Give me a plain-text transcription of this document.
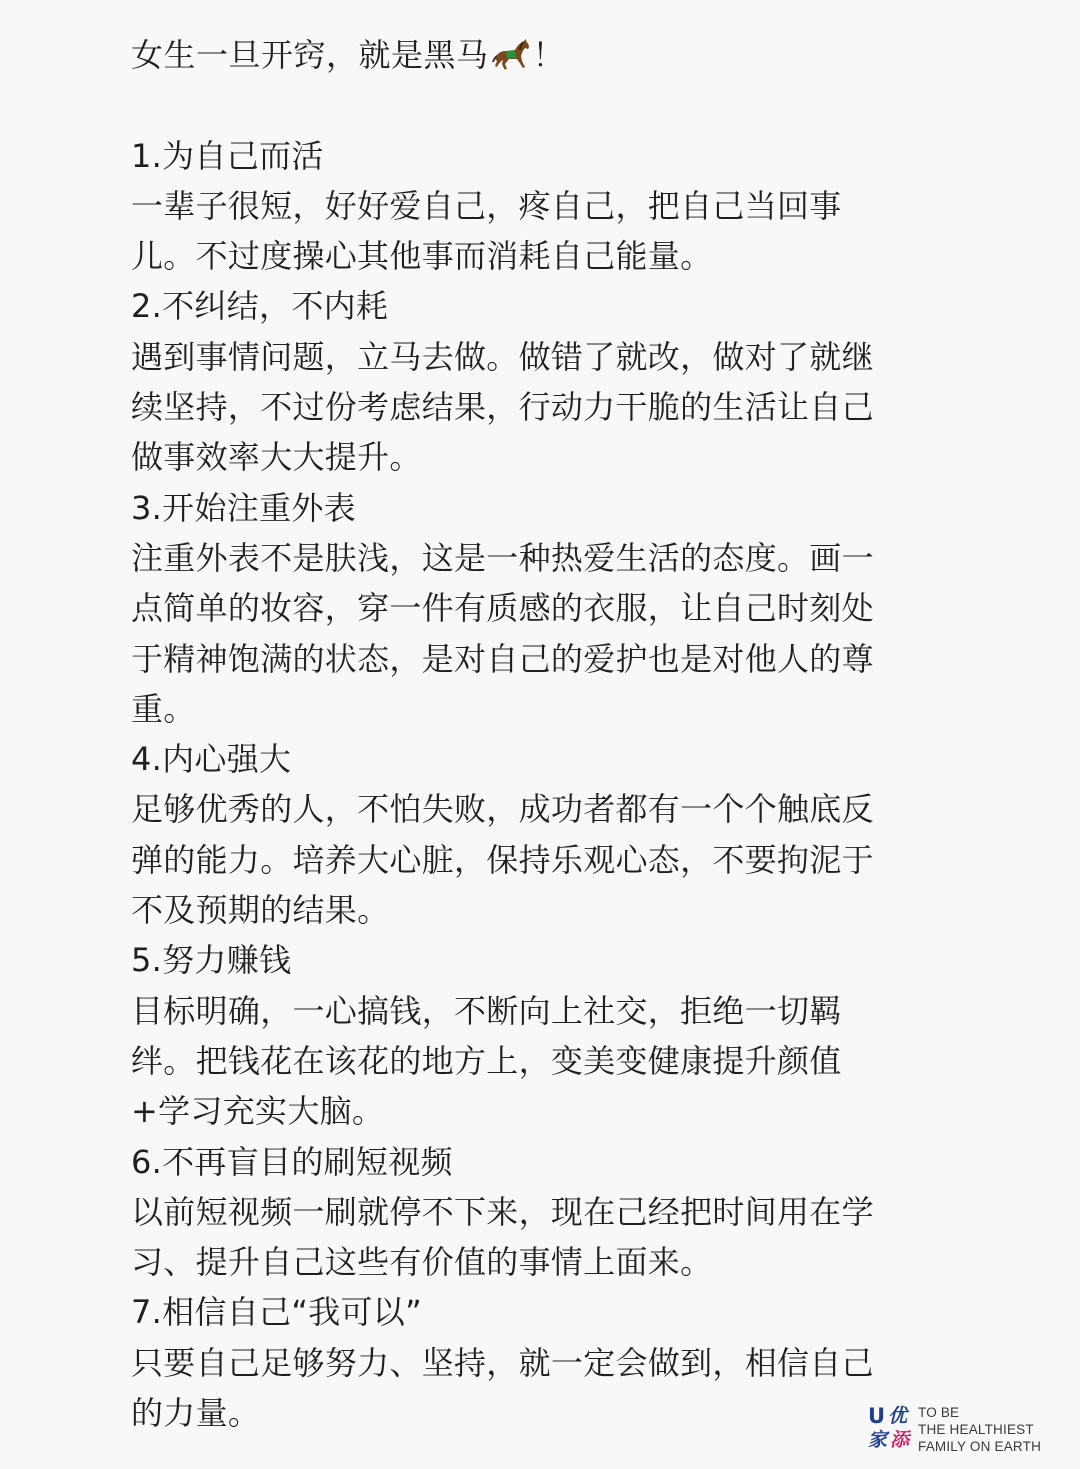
女生一旦开窍，就是黑马 ！
1.为自己而活
一辈子很短，好好爱自己，疼自己，把自己当回事
儿。不过度操心其他事而消耗自己能量。
2.不纠结，不内耗
遇到事情问题，立马去做。做错了就改，做对了就继
续坚持，不过份考虑结果，行动力干脆的生活让自己
做事效率大大提升。
3.开始注重外表
注重外表不是肤浅，这是一种热爱生活的态度。画一
点简单的妆容，穿一件有质感的衣服，让自己时刻处
于精神饱满的状态，是对自己的爱护也是对他人的尊
重。
4.内心强大
足够优秀的人，不怕失败，成功者都有一个个触底反
弹的能力。培养大心脏，保持乐观心态，不要拘泥于
不及预期的结果。
5.努力赚钱
目标明确，一心搞钱，不断向上社交，拒绝一切羁
绊。把钱花在该花的地方上，变美变健康提升颜值
+学习充实大脑。
6.不再盲目的刷短视频
以前短视频一刷就停不下来，现在己经把时间用在学
习、提升自己这些有价值的事情上面来。
7.相信自己“我可以”
只要自己足够努力、坚持，就一定会做到，相信自己
的力量。	U 优
家 添
TO BE
THE HEALTHIEST
FAMILY ON EARTH
